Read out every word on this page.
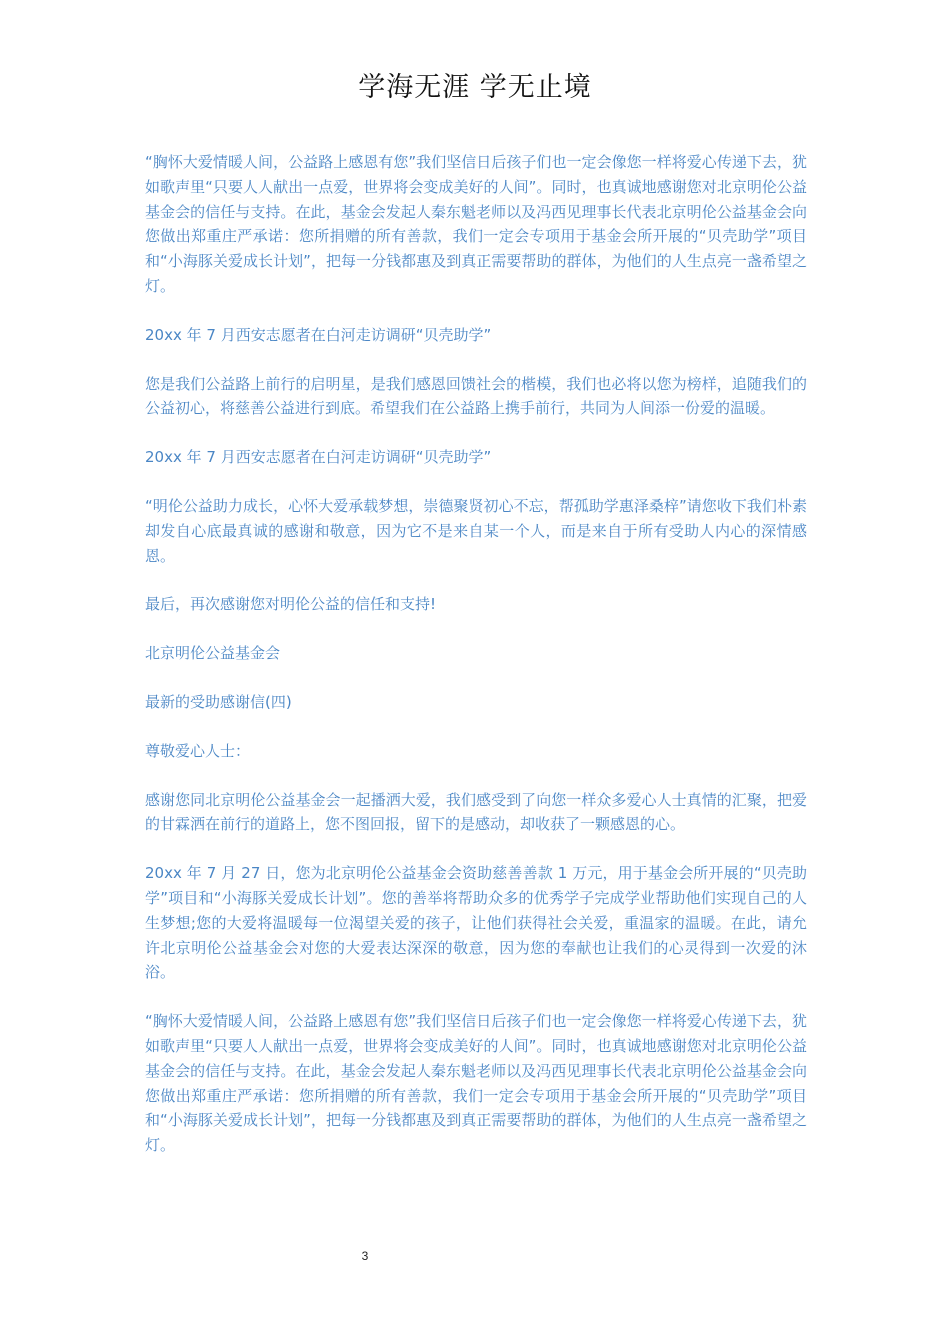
学海无涯 学无止境

“胸怀大爱情暖人间，公益路上感恩有您”我们坚信日后孩子们也一定会像您一样将爱心传递下去，犹如歌声里“只要人人献出一点爱，世界将会变成美好的人间”。同时，也真诚地感谢您对北京明伦公益基金会的信任与支持。在此，基金会发起人秦东魁老师以及冯西见理事长代表北京明伦公益基金会向您做出郑重庄严承诺：您所捐赠的所有善款，我们一定会专项用于基金会所开展的“贝壳助学”项目和“小海豚关爱成长计划”，把每一分钱都惠及到真正需要帮助的群体，为他们的人生点亮一盏希望之灯。

20xx 年 7 月西安志愿者在白河走访调研“贝壳助学”

您是我们公益路上前行的启明星，是我们感恩回馈社会的楷模，我们也必将以您为榜样，追随我们的公益初心，将慈善公益进行到底。希望我们在公益路上携手前行，共同为人间添一份爱的温暖。

20xx 年 7 月西安志愿者在白河走访调研“贝壳助学”

“明伦公益助力成长，心怀大爱承载梦想，崇德聚贤初心不忘，帮孤助学惠泽桑梓”请您收下我们朴素却发自心底最真诚的感谢和敬意，因为它不是来自某一个人，而是来自于所有受助人内心的深情感恩。

最后，再次感谢您对明伦公益的信任和支持!

北京明伦公益基金会

最新的受助感谢信(四)

尊敬爱心人士：

感谢您同北京明伦公益基金会一起播洒大爱，我们感受到了向您一样众多爱心人士真情的汇聚，把爱的甘霖洒在前行的道路上，您不图回报，留下的是感动，却收获了一颗感恩的心。

20xx 年 7 月 27 日，您为北京明伦公益基金会资助慈善善款 1 万元，用于基金会所开展的“贝壳助学”项目和“小海豚关爱成长计划”。您的善举将帮助众多的优秀学子完成学业帮助他们实现自己的人生梦想;您的大爱将温暖每一位渴望关爱的孩子，让他们获得社会关爱，重温家的温暖。在此，请允许北京明伦公益基金会对您的大爱表达深深的敬意，因为您的奉献也让我们的心灵得到一次爱的沐浴。

“胸怀大爱情暖人间，公益路上感恩有您”我们坚信日后孩子们也一定会像您一样将爱心传递下去，犹如歌声里“只要人人献出一点爱，世界将会变成美好的人间”。同时，也真诚地感谢您对北京明伦公益基金会的信任与支持。在此，基金会发起人秦东魁老师以及冯西见理事长代表北京明伦公益基金会向您做出郑重庄严承诺：您所捐赠的所有善款，我们一定会专项用于基金会所开展的“贝壳助学”项目和“小海豚关爱成长计划”，把每一分钱都惠及到真正需要帮助的群体，为他们的人生点亮一盏希望之灯。

3
